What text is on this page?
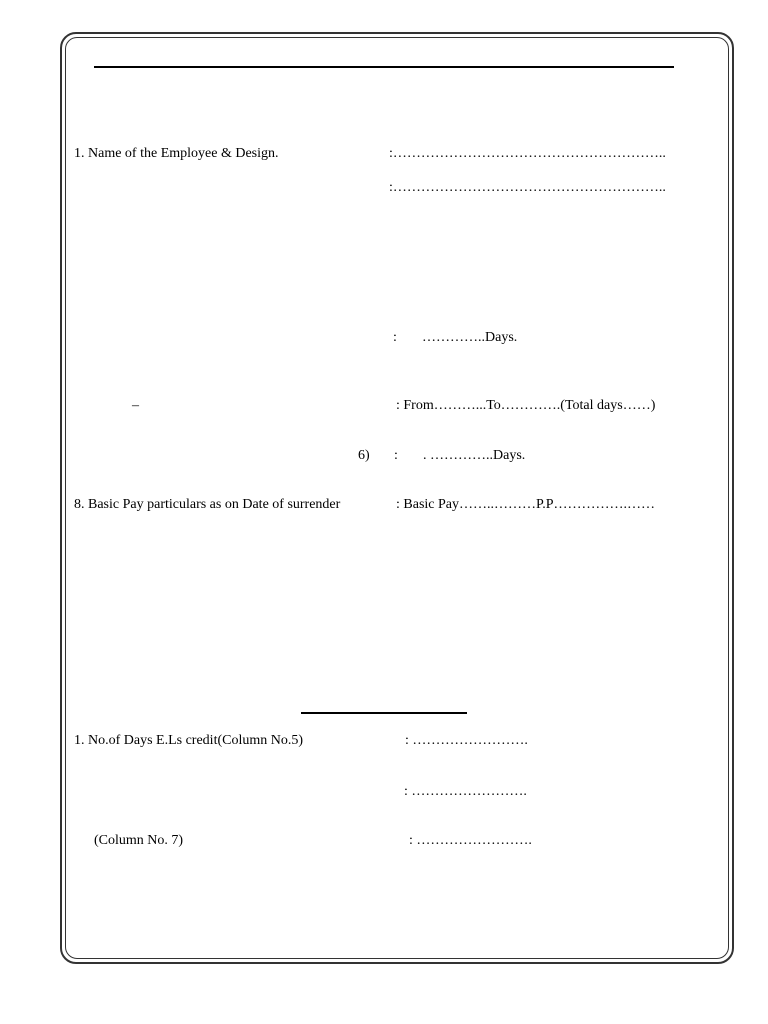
1. Name of the Employee & Design.	:…………………………………………………..
:…………………………………………………..
: …………..Days.
–	: From………...To………….(Total days……)
6) : . …………..Days.
8. Basic Pay particulars as on Date of surrender	: Basic Pay……..………P.P…………….……
1. No.of Days E.Ls credit(Column No.5)	: …………………….
: …………………….
(Column No. 7)	: …………………….
